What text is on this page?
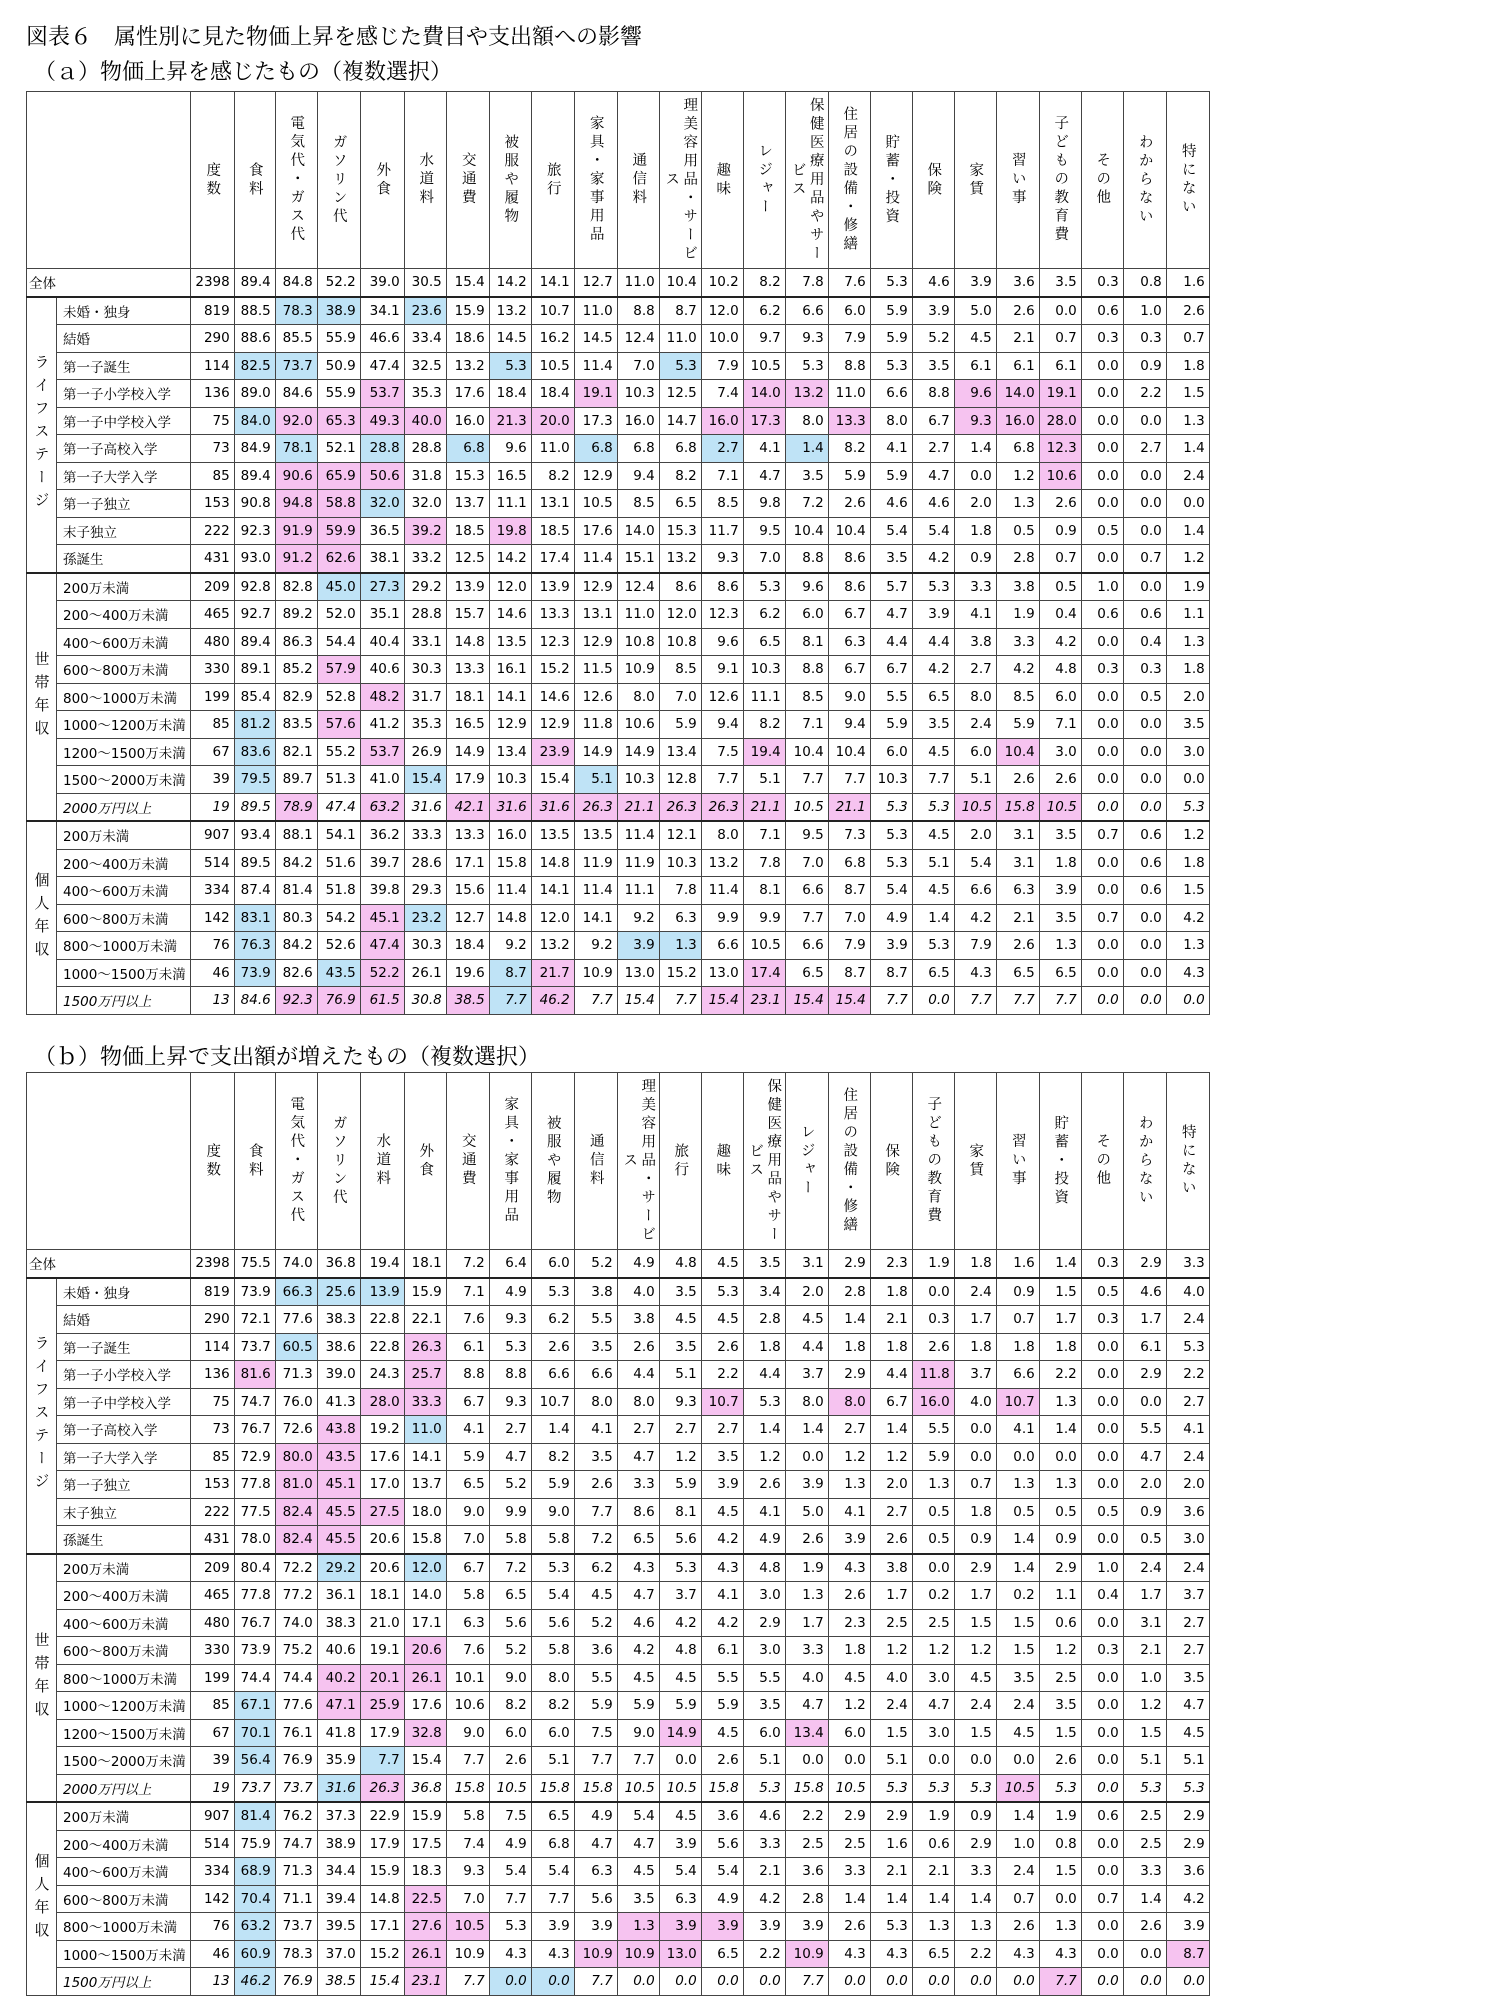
図表６　属性別に見た物価上昇を感じた費目や支出額への影響
（ａ）物価上昇を感じたもの（複数選択）
（ｂ）物価上昇で支出額が増えたもの（複数選択）

		度数	食料	電気代・ガス代	ガソリン代	外食	水道料	交通費	被服や履物	旅行	家具・家事用品	通信料	理美容用品・サービス	趣味	レジャー	保健医療用品やサービス	住居の設備・修繕	貯蓄・投資	保険	家賃	習い事	子どもの教育費	その他	わからない	特にない

全体		2398	89.4	84.8	52.2	39.0	30.5	15.4	14.2	14.1	12.7	11.0	10.4	10.2	8.2	7.8	7.6	5.3	4.6	3.9	3.6	3.5	0.3	0.8	1.6

ライフステージ	未婚・独身	819	88.5	78.3	38.9	34.1	23.6	15.9	13.2	10.7	11.0	8.8	8.7	12.0	6.2	6.6	6.0	5.9	3.9	5.0	2.6	0.0	0.6	1.0	2.6
	結婚	290	88.6	85.5	55.9	46.6	33.4	18.6	14.5	16.2	14.5	12.4	11.0	10.0	9.7	9.3	7.9	5.9	5.2	4.5	2.1	0.7	0.3	0.3	0.7
	第一子誕生	114	82.5	73.7	50.9	47.4	32.5	13.2	5.3	10.5	11.4	7.0	5.3	7.9	10.5	5.3	8.8	5.3	3.5	6.1	6.1	6.1	0.0	0.9	1.8
	第一子小学校入学	136	89.0	84.6	55.9	53.7	35.3	17.6	18.4	18.4	19.1	10.3	12.5	7.4	14.0	13.2	11.0	6.6	8.8	9.6	14.0	19.1	0.0	2.2	1.5
	第一子中学校入学	75	84.0	92.0	65.3	49.3	40.0	16.0	21.3	20.0	17.3	16.0	14.7	16.0	17.3	8.0	13.3	8.0	6.7	9.3	16.0	28.0	0.0	0.0	1.3
	第一子高校入学	73	84.9	78.1	52.1	28.8	28.8	6.8	9.6	11.0	6.8	6.8	6.8	2.7	4.1	1.4	8.2	4.1	2.7	1.4	6.8	12.3	0.0	2.7	1.4
	第一子大学入学	85	89.4	90.6	65.9	50.6	31.8	15.3	16.5	8.2	12.9	9.4	8.2	7.1	4.7	3.5	5.9	5.9	4.7	0.0	1.2	10.6	0.0	0.0	2.4
	第一子独立	153	90.8	94.8	58.8	32.0	32.0	13.7	11.1	13.1	10.5	8.5	6.5	8.5	9.8	7.2	2.6	4.6	4.6	2.0	1.3	2.6	0.0	0.0	0.0
	末子独立	222	92.3	91.9	59.9	36.5	39.2	18.5	19.8	18.5	17.6	14.0	15.3	11.7	9.5	10.4	10.4	5.4	5.4	1.8	0.5	0.9	0.5	0.0	1.4
	孫誕生	431	93.0	91.2	62.6	38.1	33.2	12.5	14.2	17.4	11.4	15.1	13.2	9.3	7.0	8.8	8.6	3.5	4.2	0.9	2.8	0.7	0.0	0.7	1.2

世帯年収	200万未満	209	92.8	82.8	45.0	27.3	29.2	13.9	12.0	13.9	12.9	12.4	8.6	8.6	5.3	9.6	8.6	5.7	5.3	3.3	3.8	0.5	1.0	0.0	1.9
	200～400万未満	465	92.7	89.2	52.0	35.1	28.8	15.7	14.6	13.3	13.1	11.0	12.0	12.3	6.2	6.0	6.7	4.7	3.9	4.1	1.9	0.4	0.6	0.6	1.1
	400～600万未満	480	89.4	86.3	54.4	40.4	33.1	14.8	13.5	12.3	12.9	10.8	10.8	9.6	6.5	8.1	6.3	4.4	4.4	3.8	3.3	4.2	0.0	0.4	1.3
	600～800万未満	330	89.1	85.2	57.9	40.6	30.3	13.3	16.1	15.2	11.5	10.9	8.5	9.1	10.3	8.8	6.7	6.7	4.2	2.7	4.2	4.8	0.3	0.3	1.8
	800～1000万未満	199	85.4	82.9	52.8	48.2	31.7	18.1	14.1	14.6	12.6	8.0	7.0	12.6	11.1	8.5	9.0	5.5	6.5	8.0	8.5	6.0	0.0	0.5	2.0
	1000～1200万未満	85	81.2	83.5	57.6	41.2	35.3	16.5	12.9	12.9	11.8	10.6	5.9	9.4	8.2	7.1	9.4	5.9	3.5	2.4	5.9	7.1	0.0	0.0	3.5
	1200～1500万未満	67	83.6	82.1	55.2	53.7	26.9	14.9	13.4	23.9	14.9	14.9	13.4	7.5	19.4	10.4	10.4	6.0	4.5	6.0	10.4	3.0	0.0	0.0	3.0
	1500～2000万未満	39	79.5	89.7	51.3	41.0	15.4	17.9	10.3	15.4	5.1	10.3	12.8	7.7	5.1	7.7	7.7	10.3	7.7	5.1	2.6	2.6	0.0	0.0	0.0
	2000万円以上	19	89.5	78.9	47.4	63.2	31.6	42.1	31.6	31.6	26.3	21.1	26.3	26.3	21.1	10.5	21.1	5.3	5.3	10.5	15.8	10.5	0.0	0.0	5.3

個人年収	200万未満	907	93.4	88.1	54.1	36.2	33.3	13.3	16.0	13.5	13.5	11.4	12.1	8.0	7.1	9.5	7.3	5.3	4.5	2.0	3.1	3.5	0.7	0.6	1.2
	200～400万未満	514	89.5	84.2	51.6	39.7	28.6	17.1	15.8	14.8	11.9	11.9	10.3	13.2	7.8	7.0	6.8	5.3	5.1	5.4	3.1	1.8	0.0	0.6	1.8
	400～600万未満	334	87.4	81.4	51.8	39.8	29.3	15.6	11.4	14.1	11.4	11.1	7.8	11.4	8.1	6.6	8.7	5.4	4.5	6.6	6.3	3.9	0.0	0.6	1.5
	600～800万未満	142	83.1	80.3	54.2	45.1	23.2	12.7	14.8	12.0	14.1	9.2	6.3	9.9	9.9	7.7	7.0	4.9	1.4	4.2	2.1	3.5	0.7	0.0	4.2
	800～1000万未満	76	76.3	84.2	52.6	47.4	30.3	18.4	9.2	13.2	9.2	3.9	1.3	6.6	10.5	6.6	7.9	3.9	5.3	7.9	2.6	1.3	0.0	0.0	1.3
	1000～1500万未満	46	73.9	82.6	43.5	52.2	26.1	19.6	8.7	21.7	10.9	13.0	15.2	13.0	17.4	6.5	8.7	8.7	6.5	4.3	6.5	6.5	0.0	0.0	4.3
	1500万円以上	13	84.6	92.3	76.9	61.5	30.8	38.5	7.7	46.2	7.7	15.4	7.7	15.4	23.1	15.4	15.4	7.7	0.0	7.7	7.7	7.7	0.0	0.0	0.0

		度数	食料	電気代・ガス代	ガソリン代	水道料	外食	交通費	家具・家事用品	被服や履物	通信料	理美容用品・サービス	旅行	趣味	保健医療用品やサービス	レジャー	住居の設備・修繕	保険	子どもの教育費	家賃	習い事	貯蓄・投資	その他	わからない	特にない

全体		2398	75.5	74.0	36.8	19.4	18.1	7.2	6.4	6.0	5.2	4.9	4.8	4.5	3.5	3.1	2.9	2.3	1.9	1.8	1.6	1.4	0.3	2.9	3.3

ライフステージ	未婚・独身	819	73.9	66.3	25.6	13.9	15.9	7.1	4.9	5.3	3.8	4.0	3.5	5.3	3.4	2.0	2.8	1.8	0.0	2.4	0.9	1.5	0.5	4.6	4.0
	結婚	290	72.1	77.6	38.3	22.8	22.1	7.6	9.3	6.2	5.5	3.8	4.5	4.5	2.8	4.5	1.4	2.1	0.3	1.7	0.7	1.7	0.3	1.7	2.4
	第一子誕生	114	73.7	60.5	38.6	22.8	26.3	6.1	5.3	2.6	3.5	2.6	3.5	2.6	1.8	4.4	1.8	1.8	2.6	1.8	1.8	1.8	0.0	6.1	5.3
	第一子小学校入学	136	81.6	71.3	39.0	24.3	25.7	8.8	8.8	6.6	6.6	4.4	5.1	2.2	4.4	3.7	2.9	4.4	11.8	3.7	6.6	2.2	0.0	2.9	2.2
	第一子中学校入学	75	74.7	76.0	41.3	28.0	33.3	6.7	9.3	10.7	8.0	8.0	9.3	10.7	5.3	8.0	8.0	6.7	16.0	4.0	10.7	1.3	0.0	0.0	2.7
	第一子高校入学	73	76.7	72.6	43.8	19.2	11.0	4.1	2.7	1.4	4.1	2.7	2.7	2.7	1.4	1.4	2.7	1.4	5.5	0.0	4.1	1.4	0.0	5.5	4.1
	第一子大学入学	85	72.9	80.0	43.5	17.6	14.1	5.9	4.7	8.2	3.5	4.7	1.2	3.5	1.2	0.0	1.2	1.2	5.9	0.0	0.0	0.0	0.0	4.7	2.4
	第一子独立	153	77.8	81.0	45.1	17.0	13.7	6.5	5.2	5.9	2.6	3.3	5.9	3.9	2.6	3.9	1.3	2.0	1.3	0.7	1.3	1.3	0.0	2.0	2.0
	末子独立	222	77.5	82.4	45.5	27.5	18.0	9.0	9.9	9.0	7.7	8.6	8.1	4.5	4.1	5.0	4.1	2.7	0.5	1.8	0.5	0.5	0.5	0.9	3.6
	孫誕生	431	78.0	82.4	45.5	20.6	15.8	7.0	5.8	5.8	7.2	6.5	5.6	4.2	4.9	2.6	3.9	2.6	0.5	0.9	1.4	0.9	0.0	0.5	3.0

世帯年収	200万未満	209	80.4	72.2	29.2	20.6	12.0	6.7	7.2	5.3	6.2	4.3	5.3	4.3	4.8	1.9	4.3	3.8	0.0	2.9	1.4	2.9	1.0	2.4	2.4
	200～400万未満	465	77.8	77.2	36.1	18.1	14.0	5.8	6.5	5.4	4.5	4.7	3.7	4.1	3.0	1.3	2.6	1.7	0.2	1.7	0.2	1.1	0.4	1.7	3.7
	400～600万未満	480	76.7	74.0	38.3	21.0	17.1	6.3	5.6	5.6	5.2	4.6	4.2	4.2	2.9	1.7	2.3	2.5	2.5	1.5	1.5	0.6	0.0	3.1	2.7
	600～800万未満	330	73.9	75.2	40.6	19.1	20.6	7.6	5.2	5.8	3.6	4.2	4.8	6.1	3.0	3.3	1.8	1.2	1.2	1.2	1.5	1.2	0.3	2.1	2.7
	800～1000万未満	199	74.4	74.4	40.2	20.1	26.1	10.1	9.0	8.0	5.5	4.5	4.5	5.5	5.5	4.0	4.5	4.0	3.0	4.5	3.5	2.5	0.0	1.0	3.5
	1000～1200万未満	85	67.1	77.6	47.1	25.9	17.6	10.6	8.2	8.2	5.9	5.9	5.9	5.9	3.5	4.7	1.2	2.4	4.7	2.4	2.4	3.5	0.0	1.2	4.7
	1200～1500万未満	67	70.1	76.1	41.8	17.9	32.8	9.0	6.0	6.0	7.5	9.0	14.9	4.5	6.0	13.4	6.0	1.5	3.0	1.5	4.5	1.5	0.0	1.5	4.5
	1500～2000万未満	39	56.4	76.9	35.9	7.7	15.4	7.7	2.6	5.1	7.7	7.7	0.0	2.6	5.1	0.0	0.0	5.1	0.0	0.0	0.0	2.6	0.0	5.1	5.1
	2000万円以上	19	73.7	73.7	31.6	26.3	36.8	15.8	10.5	15.8	15.8	10.5	10.5	15.8	5.3	15.8	10.5	5.3	5.3	5.3	10.5	5.3	0.0	5.3	5.3

個人年収	200万未満	907	81.4	76.2	37.3	22.9	15.9	5.8	7.5	6.5	4.9	5.4	4.5	3.6	4.6	2.2	2.9	2.9	1.9	0.9	1.4	1.9	0.6	2.5	2.9
	200～400万未満	514	75.9	74.7	38.9	17.9	17.5	7.4	4.9	6.8	4.7	4.7	3.9	5.6	3.3	2.5	2.5	1.6	0.6	2.9	1.0	0.8	0.0	2.5	2.9
	400～600万未満	334	68.9	71.3	34.4	15.9	18.3	9.3	5.4	5.4	6.3	4.5	5.4	5.4	2.1	3.6	3.3	2.1	2.1	3.3	2.4	1.5	0.0	3.3	3.6
	600～800万未満	142	70.4	71.1	39.4	14.8	22.5	7.0	7.7	7.7	5.6	3.5	6.3	4.9	4.2	2.8	1.4	1.4	1.4	1.4	0.7	0.0	0.7	1.4	4.2
	800～1000万未満	76	63.2	73.7	39.5	17.1	27.6	10.5	5.3	3.9	3.9	1.3	3.9	3.9	3.9	3.9	2.6	5.3	1.3	1.3	2.6	1.3	0.0	2.6	3.9
	1000～1500万未満	46	60.9	78.3	37.0	15.2	26.1	10.9	4.3	4.3	10.9	10.9	13.0	6.5	2.2	10.9	4.3	4.3	6.5	2.2	4.3	4.3	0.0	0.0	8.7
	1500万円以上	13	46.2	76.9	38.5	15.4	23.1	7.7	0.0	0.0	7.7	0.0	0.0	0.0	0.0	7.7	0.0	0.0	0.0	0.0	0.0	7.7	0.0	0.0	0.0
